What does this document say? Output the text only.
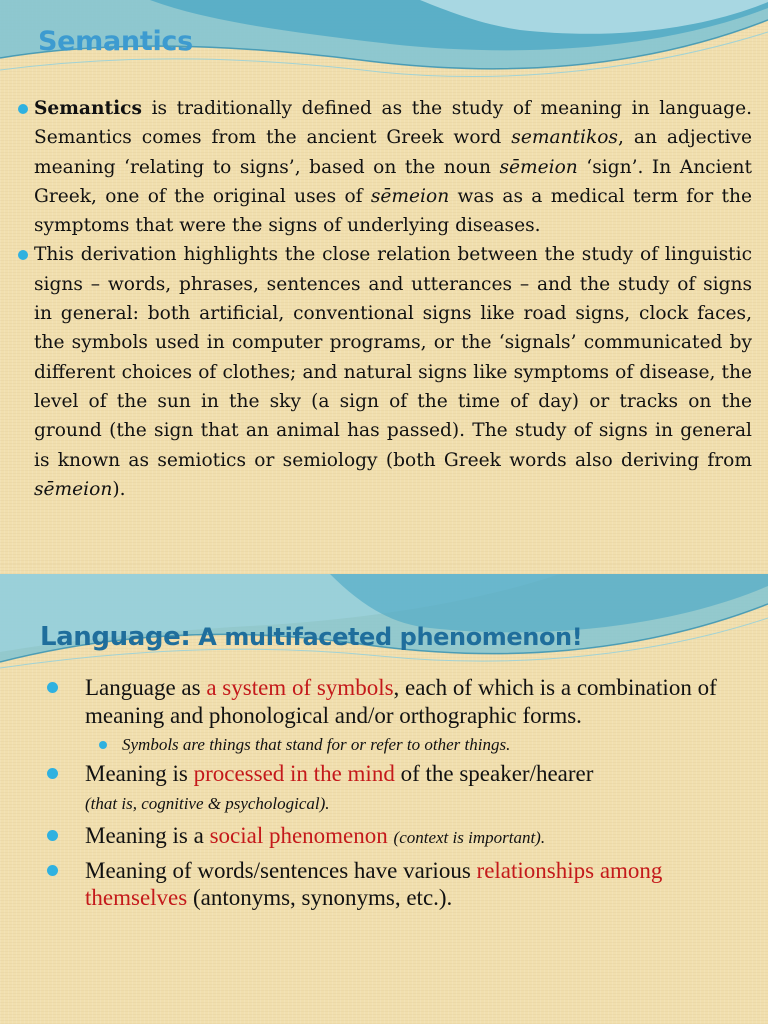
Semantics

Semantics is traditionally defined as the study of meaning in language. Semantics comes from the ancient Greek word semantikos, an adjective meaning ‘relating to signs’, based on the noun sēmeion ‘sign’. In Ancient Greek, one of the original uses of sēmeion was as a medical term for the symptoms that were the signs of underlying diseases.

This derivation highlights the close relation between the study of linguistic signs – words, phrases, sentences and utterances – and the study of signs in general: both artificial, conventional signs like road signs, clock faces, the symbols used in computer programs, or the ‘signals’ communicated by different choices of clothes; and natural signs like symptoms of disease, the level of the sun in the sky (a sign of the time of day) or tracks on the ground (the sign that an animal has passed). The study of signs in general is known as semiotics or semiology (both Greek words also deriving from sēmeion).

Language: A multifaceted phenomenon!
Language as a system of symbols, each of which is a combination of meaning and phonological and/or orthographic forms.
Symbols are things that stand for or refer to other things.
Meaning is processed in the mind of the speaker/hearer
(that is, cognitive & psychological).
Meaning is a social phenomenon (context is important).
Meaning of words/sentences have various relationships among themselves (antonyms, synonyms, etc.).
